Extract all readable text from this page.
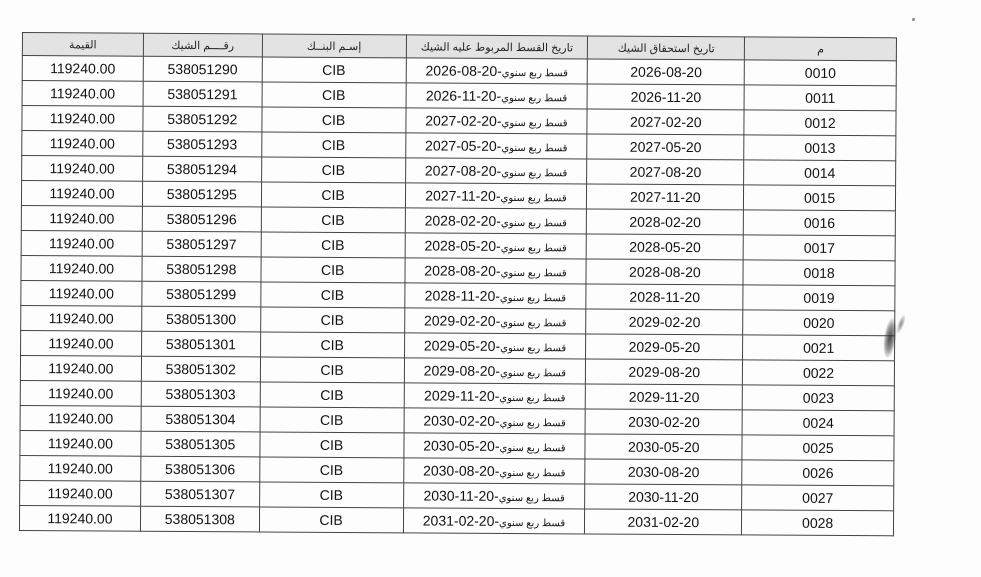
القيمة	رقــــم الشيك	إسـم البنــك	تاريخ القسط المربوط عليه الشيك	تاريخ استحقاق الشيك	م
119240.00	538051290	CIB	قسط ربع سنوي-2026-08-20	2026-08-20	0010
119240.00	538051291	CIB	قسط ربع سنوي-2026-11-20	2026-11-20	0011
119240.00	538051292	CIB	قسط ربع سنوي-2027-02-20	2027-02-20	0012
119240.00	538051293	CIB	قسط ربع سنوي-2027-05-20	2027-05-20	0013
119240.00	538051294	CIB	قسط ربع سنوي-2027-08-20	2027-08-20	0014
119240.00	538051295	CIB	قسط ربع سنوي-2027-11-20	2027-11-20	0015
119240.00	538051296	CIB	قسط ربع سنوي-2028-02-20	2028-02-20	0016
119240.00	538051297	CIB	قسط ربع سنوي-2028-05-20	2028-05-20	0017
119240.00	538051298	CIB	قسط ربع سنوي-2028-08-20	2028-08-20	0018
119240.00	538051299	CIB	قسط ربع سنوي-2028-11-20	2028-11-20	0019
119240.00	538051300	CIB	قسط ربع سنوي-2029-02-20	2029-02-20	0020
119240.00	538051301	CIB	قسط ربع سنوي-2029-05-20	2029-05-20	0021
119240.00	538051302	CIB	قسط ربع سنوي-2029-08-20	2029-08-20	0022
119240.00	538051303	CIB	قسط ربع سنوي-2029-11-20	2029-11-20	0023
119240.00	538051304	CIB	قسط ربع سنوي-2030-02-20	2030-02-20	0024
119240.00	538051305	CIB	قسط ربع سنوي-2030-05-20	2030-05-20	0025
119240.00	538051306	CIB	قسط ربع سنوي-2030-08-20	2030-08-20	0026
119240.00	538051307	CIB	قسط ربع سنوي-2030-11-20	2030-11-20	0027
119240.00	538051308	CIB	قسط ربع سنوي-2031-02-20	2031-02-20	0028
